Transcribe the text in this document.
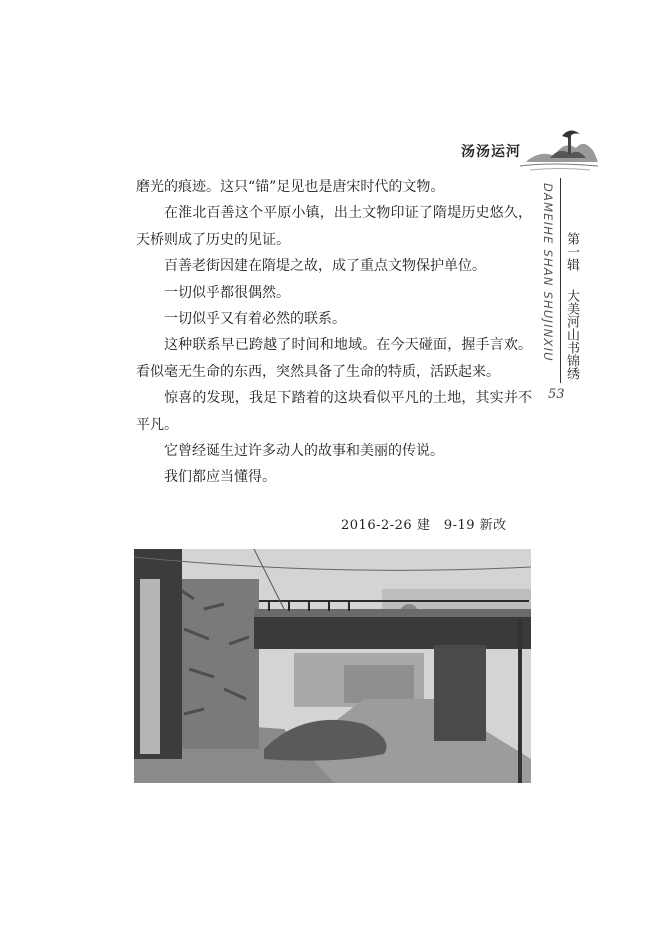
汤汤运河

磨光的痕迹。这只“锚”足见也是唐宋时代的文物。

在淮北百善这个平原小镇，出土文物印证了隋堤历史悠久，天桥则成了历史的见证。

百善老街因建在隋堤之故，成了重点文物保护单位。

一切似乎都很偶然。

一切似乎又有着必然的联系。

这种联系早已跨越了时间和地域。在今天碰面，握手言欢。看似毫无生命的东西，突然具备了生命的特质，活跃起来。

惊喜的发现，我足下踏着的这块看似平凡的土地，其实并不平凡。

它曾经诞生过许多动人的故事和美丽的传说。

我们都应当懂得。

DAMEIHE SHAN SHUJINXIU 第一辑 大美河山书锦绣
53
2016-2-26 建　9-19 新改
